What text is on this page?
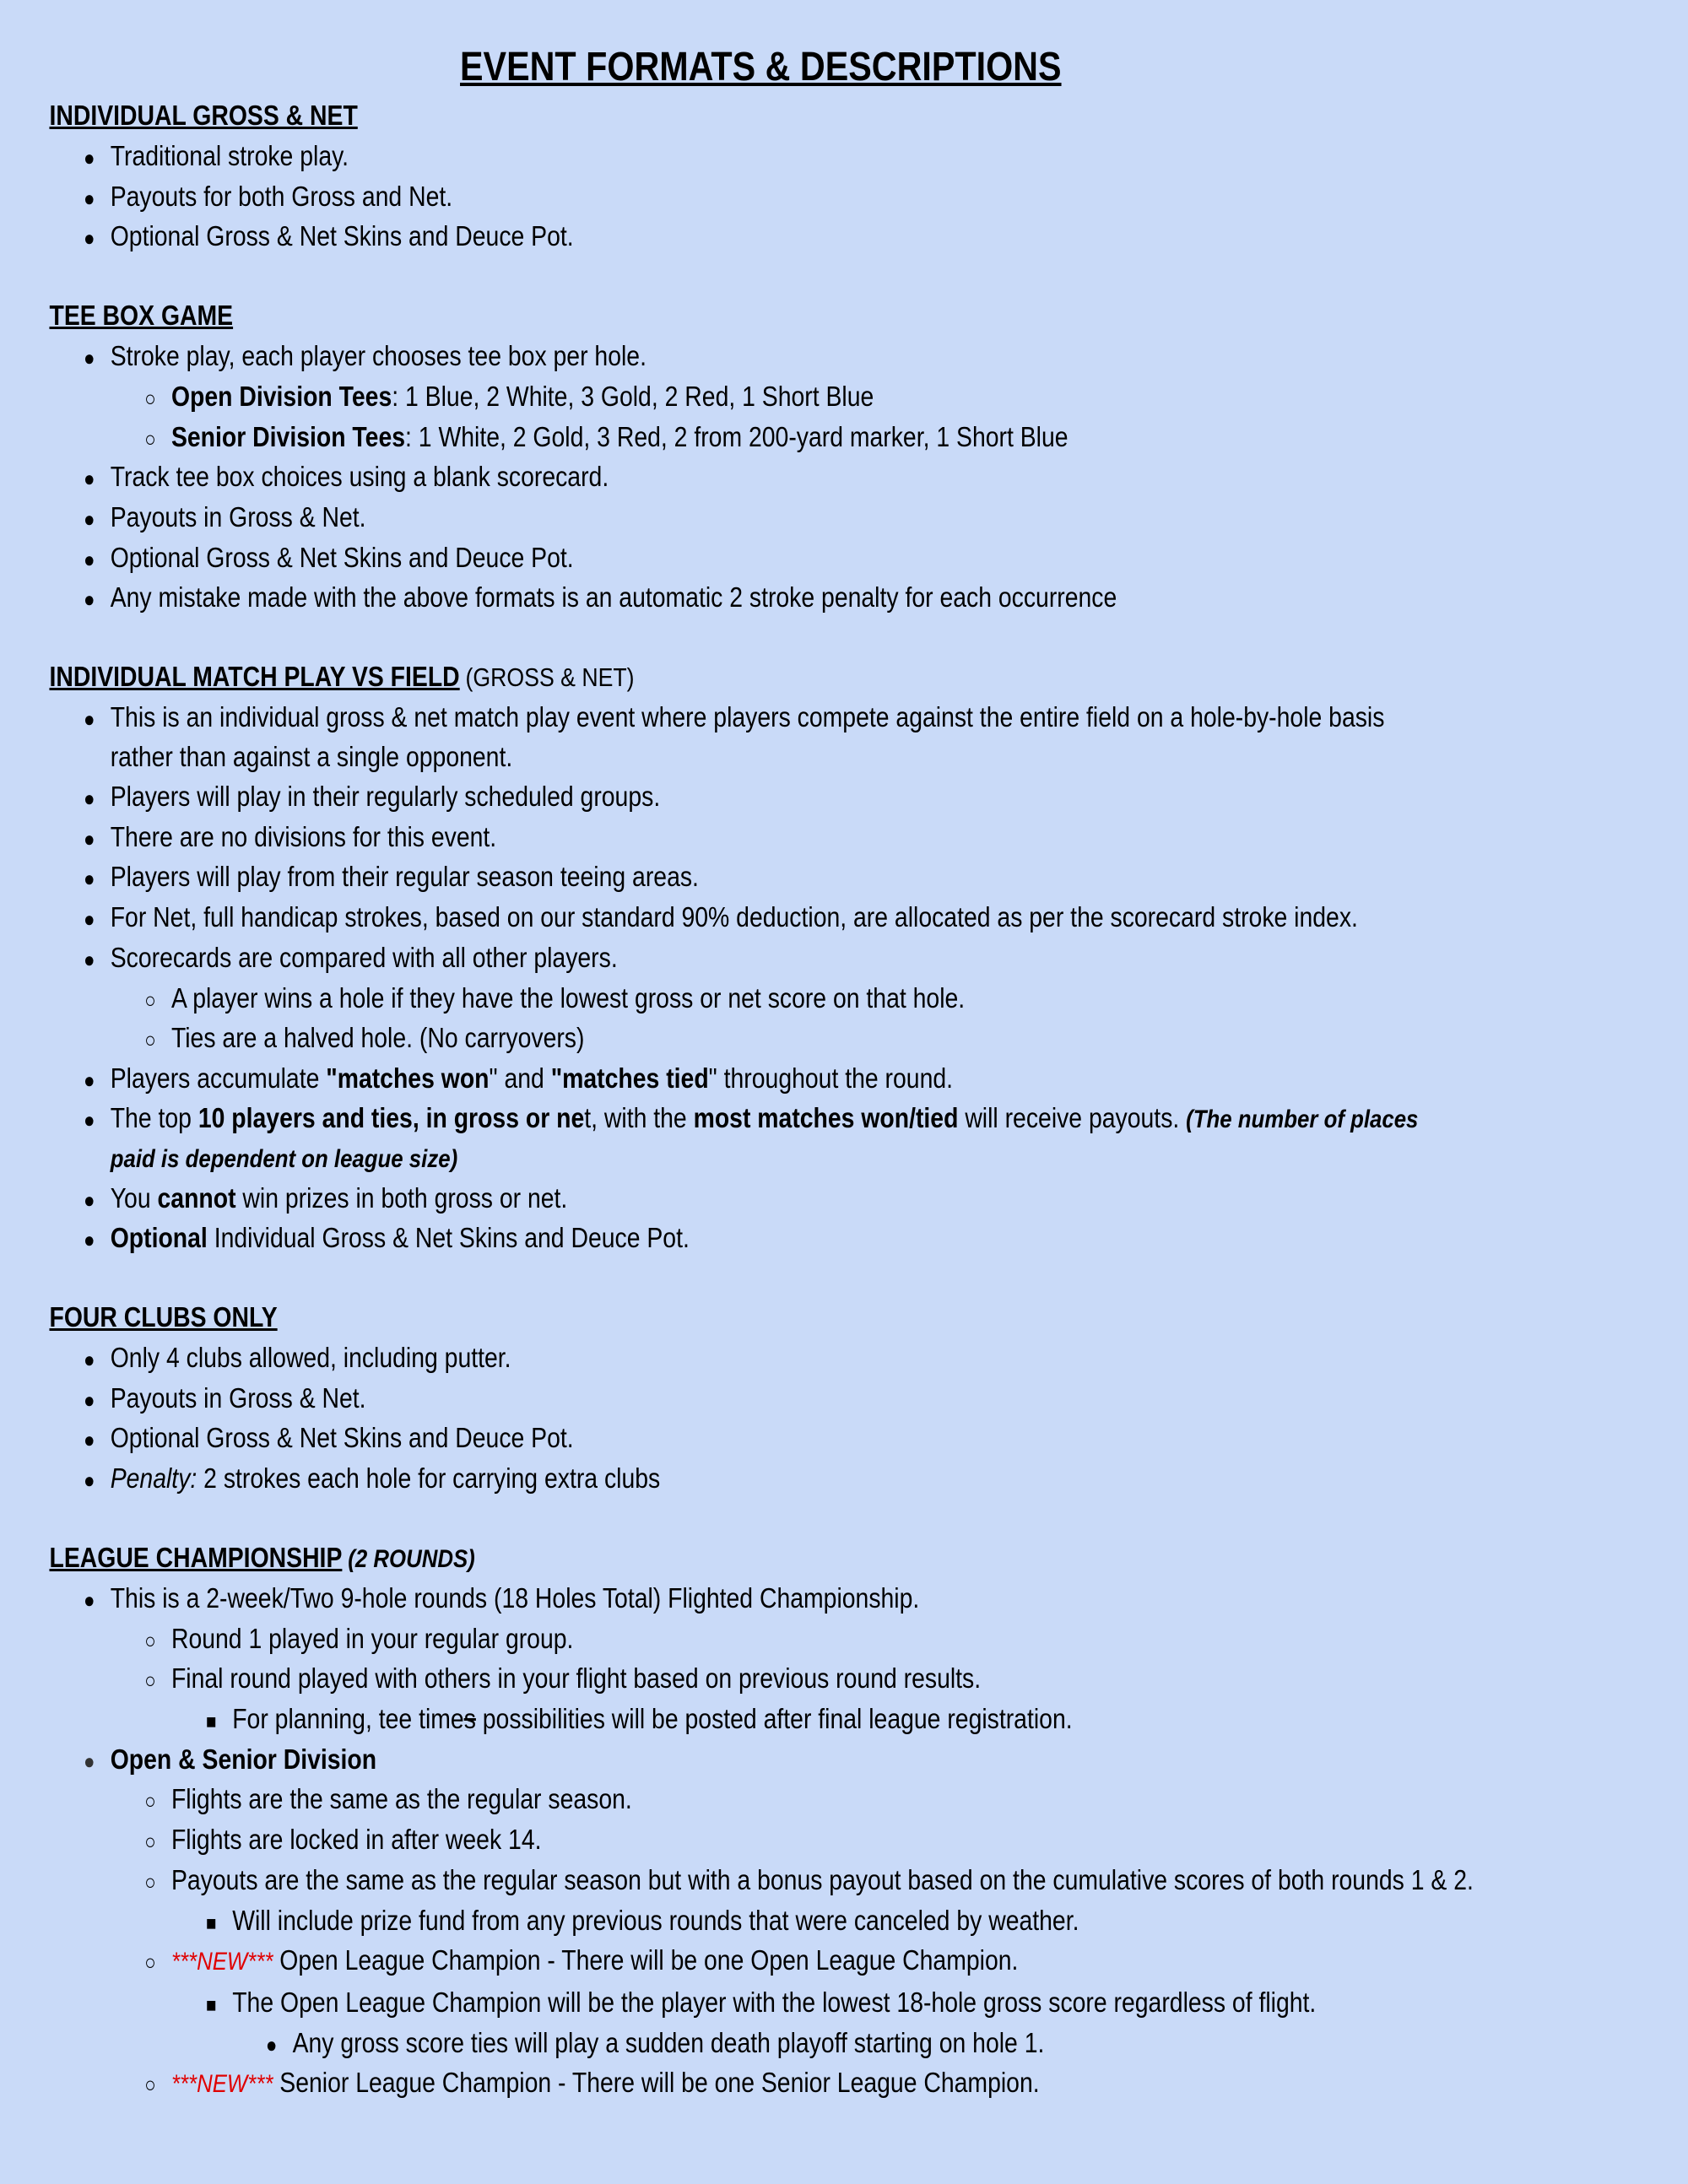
EVENT FORMATS & DESCRIPTIONS
INDIVIDUAL GROSS & NET
●
Traditional stroke play.
●
Payouts for both Gross and Net.
●
Optional Gross & Net Skins and Deuce Pot.
TEE BOX GAME
●
Stroke play, each player chooses tee box per hole.
○
Open Division Tees: 1 Blue, 2 White, 3 Gold, 2 Red, 1 Short Blue
○
Senior Division Tees: 1 White, 2 Gold, 3 Red, 2 from 200-yard marker, 1 Short Blue
●
Track tee box choices using a blank scorecard.
●
Payouts in Gross & Net.
●
Optional Gross & Net Skins and Deuce Pot.
●
Any mistake made with the above formats is an automatic 2 stroke penalty for each occurrence
INDIVIDUAL MATCH PLAY VS FIELD (GROSS & NET)
●
This is an individual gross & net match play event where players compete against the entire field on a hole-by-hole basis rather than against a single opponent.
●
Players will play in their regularly scheduled groups.
●
There are no divisions for this event.
●
Players will play from their regular season teeing areas.
●
For Net, full handicap strokes, based on our standard 90% deduction, are allocated as per the scorecard stroke index.
●
Scorecards are compared with all other players.
○
A player wins a hole if they have the lowest gross or net score on that hole.
○
Ties are a halved hole. (No carryovers)
●
Players accumulate "matches won" and "matches tied" throughout the round.
●
The top 10 players and ties, in gross or net, with the most matches won/tied will receive payouts. (The number of places paid is dependent on league size)
●
You cannot win prizes in both gross or net.
●
Optional Individual Gross & Net Skins and Deuce Pot.
FOUR CLUBS ONLY
●
Only 4 clubs allowed, including putter.
●
Payouts in Gross & Net.
●
Optional Gross & Net Skins and Deuce Pot.
●
Penalty: 2 strokes each hole for carrying extra clubs
LEAGUE CHAMPIONSHIP (2 ROUNDS)
●
This is a 2-week/Two 9-hole rounds (18 Holes Total) Flighted Championship.
○
Round 1 played in your regular group.
○
Final round played with others in your flight based on previous round results.
■
For planning, tee times possibilities will be posted after final league registration.
●
Open & Senior Division
○
Flights are the same as the regular season.
○
Flights are locked in after week 14.
○
Payouts are the same as the regular season but with a bonus payout based on the cumulative scores of both rounds 1 & 2.
■
Will include prize fund from any previous rounds that were canceled by weather.
○
***NEW*** Open League Champion - There will be one Open League Champion.
■
The Open League Champion will be the player with the lowest 18-hole gross score regardless of flight.
●
Any gross score ties will play a sudden death playoff starting on hole 1.
○
***NEW*** Senior League Champion - There will be one Senior League Champion.
